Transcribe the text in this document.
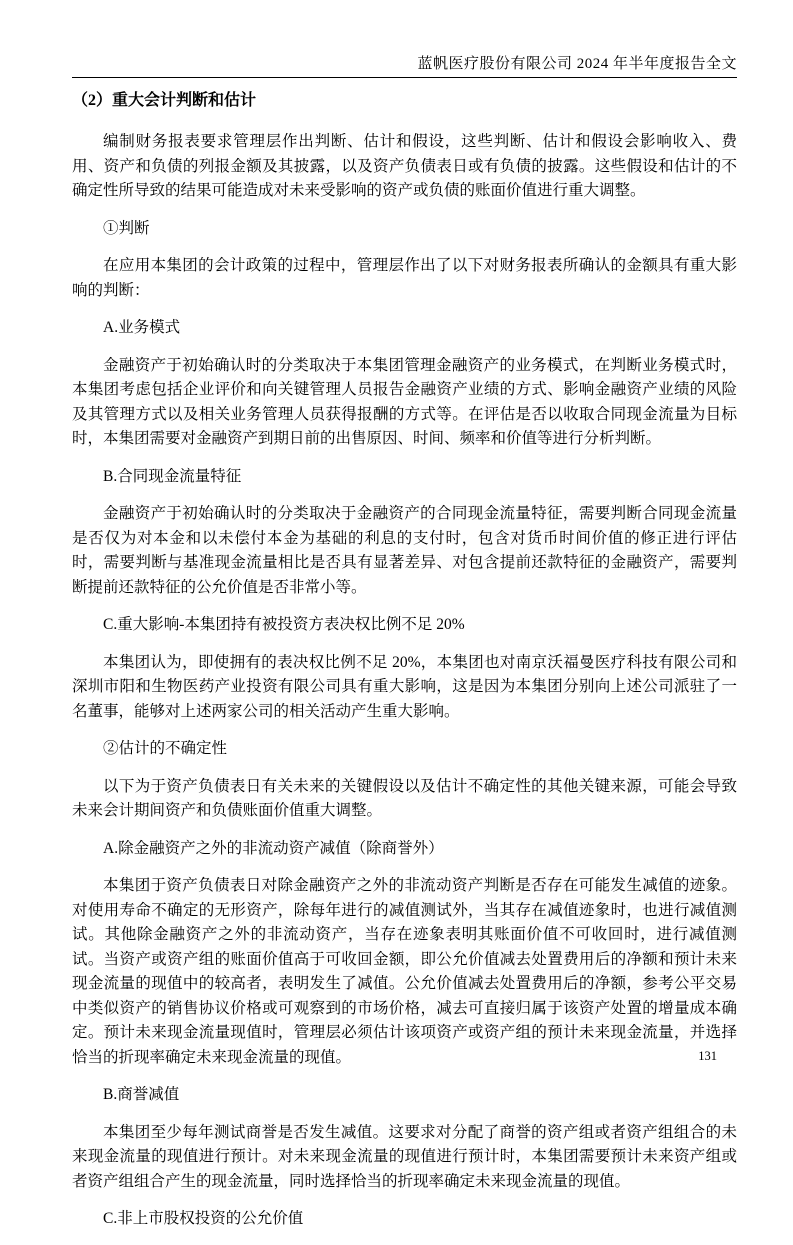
蓝帆医疗股份有限公司 2024 年半年度报告全文
（2）重大会计判断和估计

编制财务报表要求管理层作出判断、估计和假设，这些判断、估计和假设会影响收入、费用、资产和负债的列报金额及其披露，以及资产负债表日或有负债的披露。这些假设和估计的不确定性所导致的结果可能造成对未来受影响的资产或负债的账面价值进行重大调整。

①判断

在应用本集团的会计政策的过程中，管理层作出了以下对财务报表所确认的金额具有重大影响的判断：

A.业务模式

金融资产于初始确认时的分类取决于本集团管理金融资产的业务模式，在判断业务模式时，本集团考虑包括企业评价和向关键管理人员报告金融资产业绩的方式、影响金融资产业绩的风险及其管理方式以及相关业务管理人员获得报酬的方式等。在评估是否以收取合同现金流量为目标时，本集团需要对金融资产到期日前的出售原因、时间、频率和价值等进行分析判断。

B.合同现金流量特征

金融资产于初始确认时的分类取决于金融资产的合同现金流量特征，需要判断合同现金流量是否仅为对本金和以未偿付本金为基础的利息的支付时，包含对货币时间价值的修正进行评估时，需要判断与基准现金流量相比是否具有显著差异、对包含提前还款特征的金融资产，需要判断提前还款特征的公允价值是否非常小等。

C.重大影响-本集团持有被投资方表决权比例不足 20%

本集团认为，即使拥有的表决权比例不足 20%，本集团也对南京沃福曼医疗科技有限公司和深圳市阳和生物医药产业投资有限公司具有重大影响，这是因为本集团分别向上述公司派驻了一名董事，能够对上述两家公司的相关活动产生重大影响。

②估计的不确定性

以下为于资产负债表日有关未来的关键假设以及估计不确定性的其他关键来源，可能会导致未来会计期间资产和负债账面价值重大调整。

A.除金融资产之外的非流动资产减值（除商誉外）

本集团于资产负债表日对除金融资产之外的非流动资产判断是否存在可能发生减值的迹象。对使用寿命不确定的无形资产，除每年进行的减值测试外，当其存在减值迹象时，也进行减值测试。其他除金融资产之外的非流动资产，当存在迹象表明其账面价值不可收回时，进行减值测试。当资产或资产组的账面价值高于可收回金额，即公允价值减去处置费用后的净额和预计未来现金流量的现值中的较高者，表明发生了减值。公允价值减去处置费用后的净额，参考公平交易中类似资产的销售协议价格或可观察到的市场价格，减去可直接归属于该资产处置的增量成本确定。预计未来现金流量现值时，管理层必须估计该项资产或资产组的预计未来现金流量，并选择恰当的折现率确定未来现金流量的现值。

B.商誉减值

本集团至少每年测试商誉是否发生减值。这要求对分配了商誉的资产组或者资产组组合的未来现金流量的现值进行预计。对未来现金流量的现值进行预计时，本集团需要预计未来资产组或者资产组组合产生的现金流量，同时选择恰当的折现率确定未来现金流量的现值。

C.非上市股权投资的公允价值

131
